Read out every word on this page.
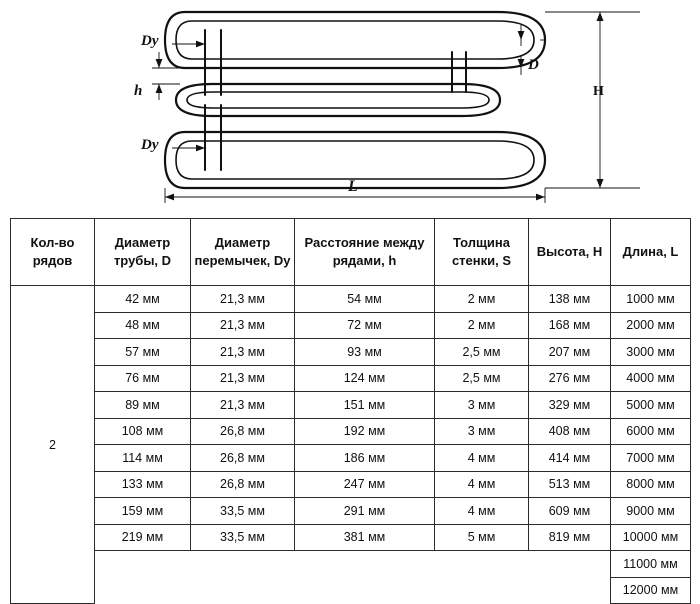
Dy
Dy
h
D
H
L
Кол-во рядов	Диаметр трубы, D	Диаметр перемычек, Dy	Расстояние между рядами, h	Толщина стенки, S	Высота, H	Длина, L
2	42 мм	21,3 мм	54 мм	2 мм	138 мм	1000 мм
	48 мм	21,3 мм	72 мм	2 мм	168 мм	2000 мм
	57 мм	21,3 мм	93 мм	2,5 мм	207 мм	3000 мм
	76 мм	21,3 мм	124 мм	2,5 мм	276 мм	4000 мм
	89 мм	21,3 мм	151 мм	3 мм	329 мм	5000 мм
	108 мм	26,8 мм	192 мм	3 мм	408 мм	6000 мм
	114 мм	26,8 мм	186 мм	4 мм	414 мм	7000 мм
	133 мм	26,8 мм	247 мм	4 мм	513 мм	8000 мм
	159 мм	33,5 мм	291 мм	4 мм	609 мм	9000 мм
	219 мм	33,5 мм	381 мм	5 мм	819 мм	10000 мм
						11000 мм
						12000 мм
